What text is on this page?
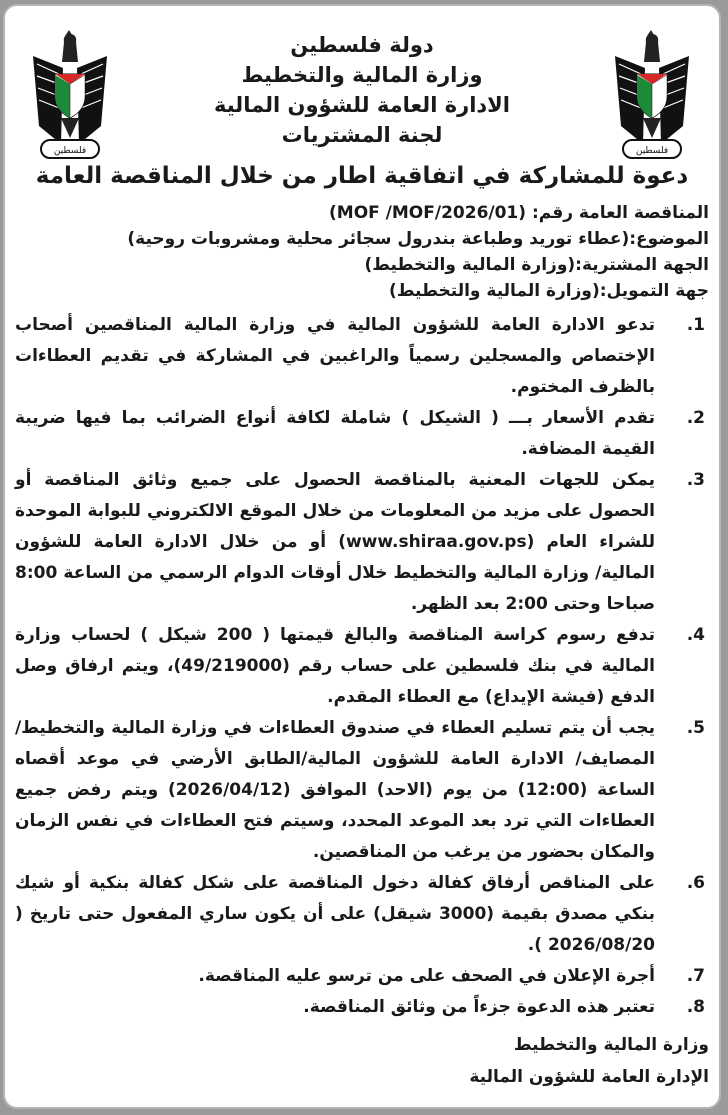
فلسطين	فلسطين
دولة فلسطين
وزارة المالية والتخطيط
الادارة العامة للشؤون المالية
لجنة المشتريات
دعوة للمشاركة في اتفاقية اطار من خلال المناقصة العامة
المناقصة العامة رقم: (MOF /MOF/2026/01)
الموضوع:(عطاء توريد وطباعة بندرول سجائر محلية ومشروبات روحية)
الجهة المشترية:(وزارة المالية والتخطيط)
جهة التمويل:(وزارة المالية والتخطيط)
.1
تدعو الادارة العامة للشؤون المالية في وزارة المالية المناقصين أصحاب الإختصاص والمسجلين رسمياً والراغبين في المشاركة في تقديم العطاءات بالظرف المختوم.
.2
تقدم الأسعار بـــ ( الشيكل ) شاملة لكافة أنواع الضرائب بما فيها ضريبة القيمة المضافة.
.3
يمكن للجهات المعنية بالمناقصة الحصول على جميع وثائق المناقصة أو الحصول على مزيد من المعلومات من خلال الموقع الالكتروني للبوابة الموحدة للشراء العام (www.shiraa.gov.ps) أو من خلال الادارة العامة للشؤون المالية/ وزارة المالية والتخطيط خلال أوقات الدوام الرسمي من الساعة 8:00 صباحا وحتى 2:00 بعد الظهر.
.4
تدفع رسوم كراسة المناقصة والبالغ قيمتها ( 200 شيكل ) لحساب وزارة المالية في بنك فلسطين على حساب رقم (49/219000)، ويتم ارفاق وصل الدفع (فيشة الإيداع) مع العطاء المقدم.
.5
يجب أن يتم تسليم العطاء في صندوق العطاءات في وزارة المالية والتخطيط/ المصايف/ الادارة العامة للشؤون المالية/الطابق الأرضي في موعد أقصاه الساعة (12:00) من يوم (الاحد) الموافق (2026/04/12) ويتم رفض جميع العطاءات التي ترد بعد الموعد المحدد، وسيتم فتح العطاءات في نفس الزمان والمكان بحضور من يرغب من المناقصين.
.6
على المناقص أرفاق كفالة دخول المناقصة على شكل كفالة بنكية أو شيك بنكي مصدق بقيمة (3000 شيقل) على أن يكون ساري المفعول حتى تاريخ ( 2026/08/20 ).
.7
أجرة الإعلان في الصحف على من ترسو عليه المناقصة.
.8
تعتبر هذه الدعوة جزءاً من وثائق المناقصة.
وزارة المالية والتخطيط
الإدارة العامة للشؤون المالية
